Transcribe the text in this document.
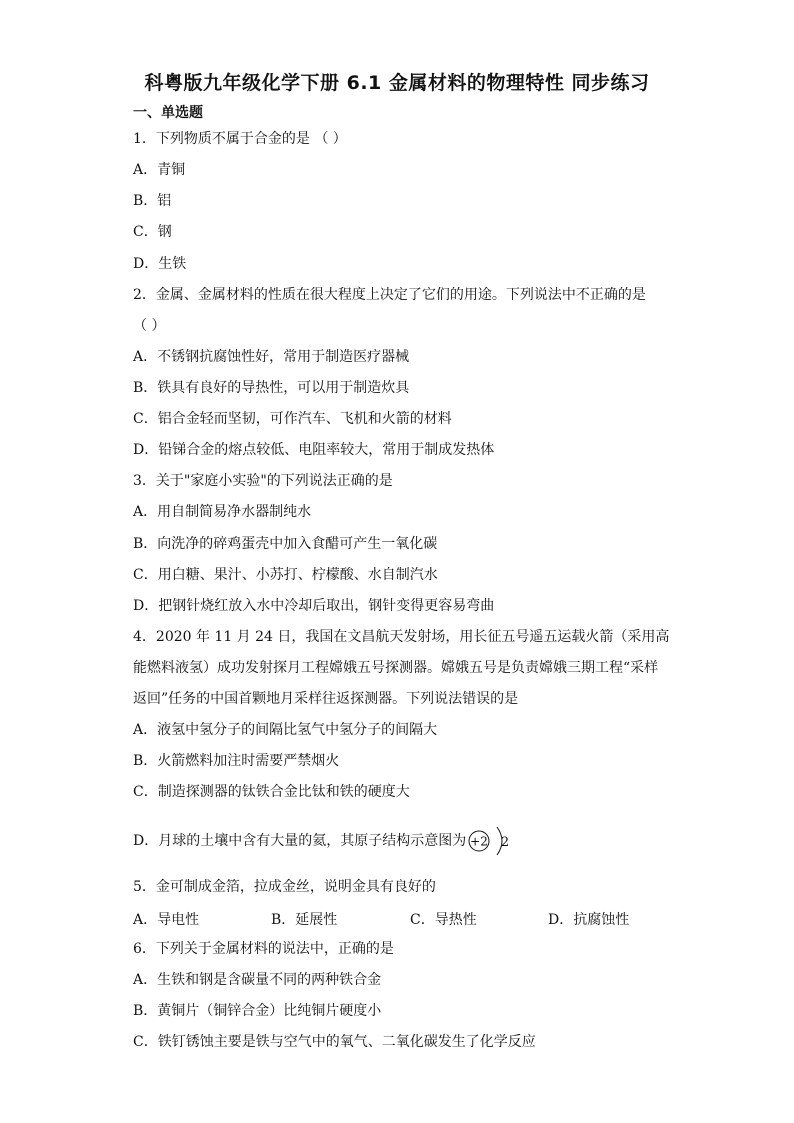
科粤版九年级化学下册 6.1 金属材料的物理特性 同步练习
一、单选题
1．下列物质不属于合金的是 （ ）
A．青铜
B．铝
C．钢
D．生铁
2．金属、金属材料的性质在很大程度上决定了它们的用途。下列说法中不正确的是
（ ）
A．不锈钢抗腐蚀性好，常用于制造医疗器械
B．铁具有良好的导热性，可以用于制造炊具
C．铝合金轻而坚韧，可作汽车、飞机和火箭的材料
D．铅锑合金的熔点较低、电阻率较大，常用于制成发热体
3．关于"家庭小实验"的下列说法正确的是
A．用自制简易净水器制纯水
B．向洗净的碎鸡蛋壳中加入食醋可产生一氧化碳
C．用白糖、果汁、小苏打、柠檬酸、水自制汽水
D．把钢针烧红放入水中冷却后取出，钢针变得更容易弯曲
4．2020 年 11 月 24 日，我国在文昌航天发射场，用长征五号遥五运载火箭（采用高
能燃料液氢）成功发射探月工程嫦娥五号探测器。嫦娥五号是负责嫦娥三期工程“采样
返回”任务的中国首颗地月采样往返探测器。下列说法错误的是
A．液氢中氢分子的间隔比氢气中氢分子的间隔大
B．火箭燃料加注时需要严禁烟火
C．制造探测器的钛铁合金比钛和铁的硬度大
D．月球的土壤中含有大量的氦，其原子结构示意图为 +2 2
5．金可制成金箔，拉成金丝，说明金具有良好的
A．导电性	B．延展性	C．导热性	D．抗腐蚀性
6．下列关于金属材料的说法中，正确的是
A．生铁和钢是含碳量不同的两种铁合金
B．黄铜片（铜锌合金）比纯铜片硬度小
C．铁钉锈蚀主要是铁与空气中的氧气、二氧化碳发生了化学反应
